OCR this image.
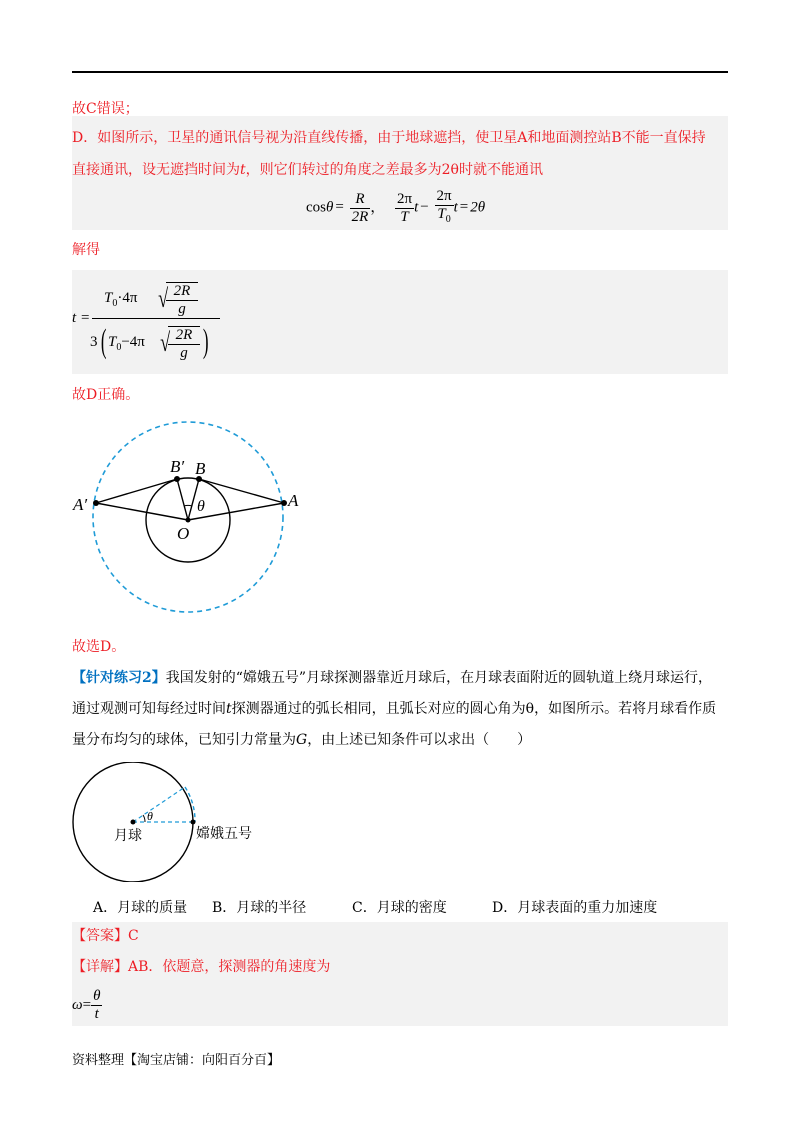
故C错误；
D．如图所示，卫星的通讯信号视为沿直线传播，由于地球遮挡，使卫星A和地面测控站B不能一直保持
直接通讯，设无遮挡时间为t，则它们转过的角度之差最多为2θ时就不能通讯
$\cos\theta = \frac{R}{2R}$ ， $\frac{2\pi}{T}$ $t - \frac{2\pi}{T_0}$ t = 2θ
解得
t =
$T_0\cdot 4\pi$ √ 2R
g
3 ( $T_0-4\pi$ √ 2R
g )
故D正确。
B′ B
A′	A
O
θ
故选D。
【针对练习2】我国发射的“嫦娥五号”月球探测器靠近月球后，在月球表面附近的圆轨道上绕月球运行，
通过观测可知每经过时间t探测器通过的弧长相同，且弧长对应的圆心角为θ，如图所示。若将月球看作质
量分布均匀的球体，已知引力常量为G，由上述已知条件可以求出（　　）
月球
θ
嫦娥五号
A．月球的质量 B．月球的半径	C．月球的密度	D．月球表面的重力加速度
【答案】C
【详解】AB．依题意，探测器的角速度为
$\omega= \frac{\theta}{t}$
资料整理【淘宝店铺：向阳百分百】
